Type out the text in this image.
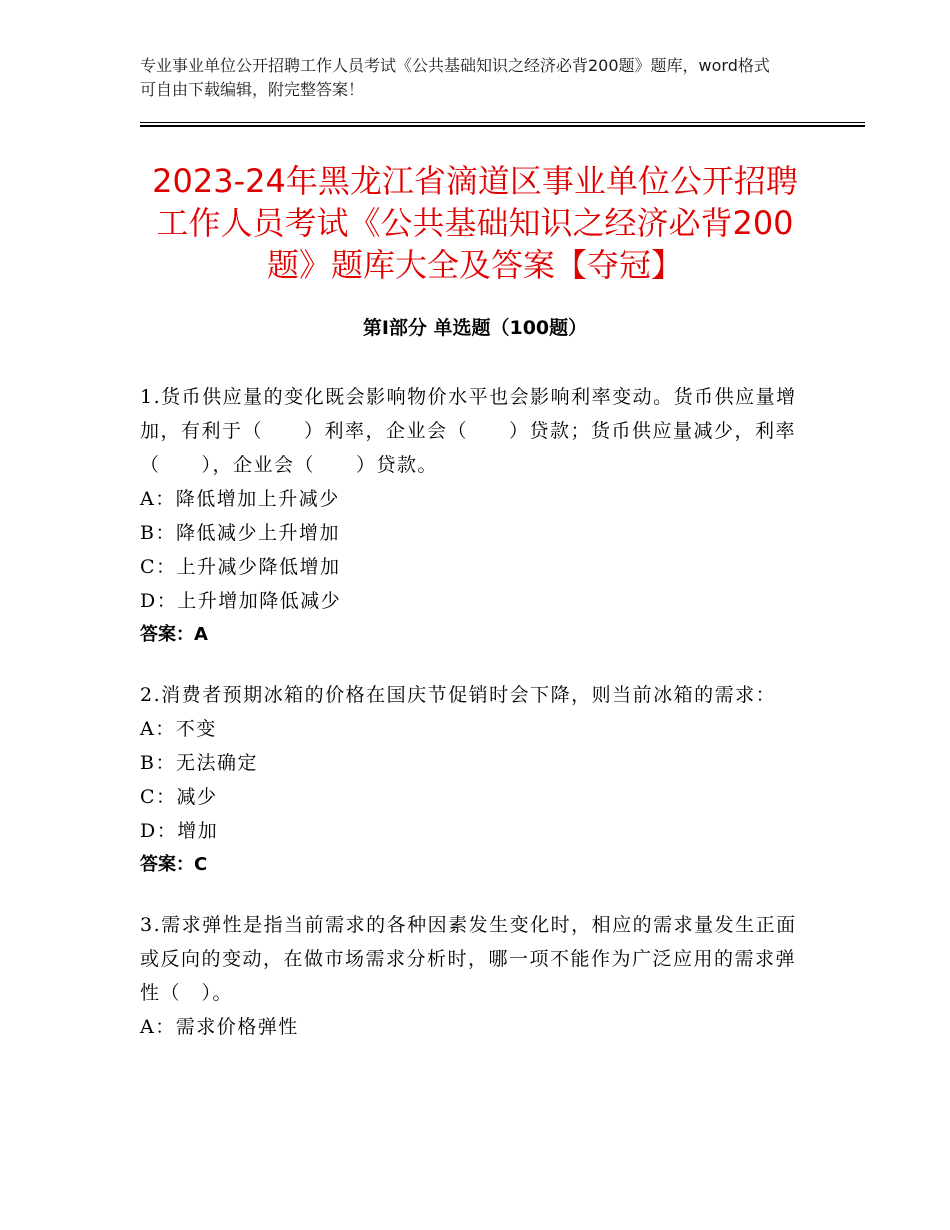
专业事业单位公开招聘工作人员考试《公共基础知识之经济必背200题》题库，word格式可自由下载编辑，附完整答案！
2023-24年黑龙江省滴道区事业单位公开招聘工作人员考试《公共基础知识之经济必背200题》题库大全及答案【夺冠】
第I部分 单选题（100题）
1.货币供应量的变化既会影响物价水平也会影响利率变动。货币供应量增加，有利于（　　）利率，企业会（　　）贷款；货币供应量减少，利率（　　），企业会（　　）贷款。
A：降低增加上升减少
B：降低减少上升增加
C：上升减少降低增加
D：上升增加降低减少
答案：A
2.消费者预期冰箱的价格在国庆节促销时会下降，则当前冰箱的需求：
A：不变
B：无法确定
C：减少
D：增加
答案：C
3.需求弹性是指当前需求的各种因素发生变化时，相应的需求量发生正面或反向的变动，在做市场需求分析时，哪一项不能作为广泛应用的需求弹性（　）。
A：需求价格弹性
